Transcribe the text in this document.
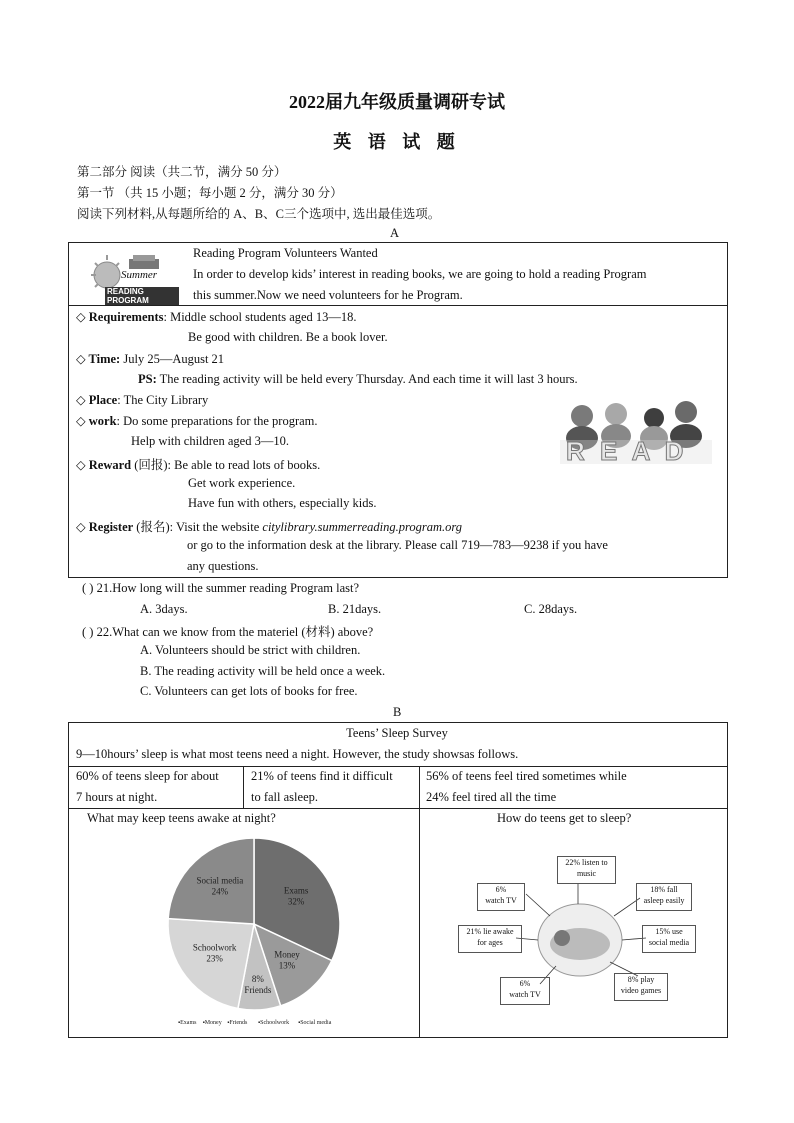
2022届九年级质量调研专试
英 语 试 题
第二部分 阅读（共二节，满分 50 分）
第一节 （共 15 小题；每小题 2 分，满分 30 分）
阅读下列材料,从每题所给的 A、B、C三个选项中, 选出最佳选项。
A
Summer
READING PROGRAM
Reading Program Volunteers Wanted
In order to develop kids’ interest in reading books, we are going to hold a reading Program
this summer.Now we need volunteers for he Program.
◇ Requirements: Middle school students aged 13—18.
Be good with children. Be a book lover.
◇ Time: July 25—August 21
PS: The reading activity will be held every Thursday. And each time it will last 3 hours.
◇ Place: The City Library
◇ work: Do some preparations for the program.
Help with children aged 3—10.
◇ Reward (回报): Be able to read lots of books.
Get work experience.
Have fun with others, especially kids.
◇ Register (报名): Visit the website citylibrary.summerreading.program.org
or go to the information desk at the library. Please call 719—783—9238 if you have
any questions.
R E A D
( ) 21.How long will the summer reading Program last?
A. 3days.	B. 21days.	C. 28days.
( ) 22.What can we know from the materiel (材料) above?
A. Volunteers should be strict with children.
B. The reading activity will be held once a week.
C. Volunteers can get lots of books for free.
B
Teens’ Sleep Survey
9—10hours’ sleep is what most teens need a night. However, the study showsas follows.
60% of teens sleep for about
7 hours at night.
21% of teens find it difficult
to fall asleep.
56% of teens feel tired sometimes while
24% feel tired all the time
What may keep teens awake at night?
Exams 32%
Money 13%
8% Friends
Schoolwork 23%
Social media 24%
▪Exams ▪Money ▪Friends ▪Schoolwork ▪Social media
How do teens get to sleep?
22% listen to
music
6%
watch TV
18% fall
asleep easily
21% lie awake
for ages
15% use
social media
6%
watch TV
8% play
video games
